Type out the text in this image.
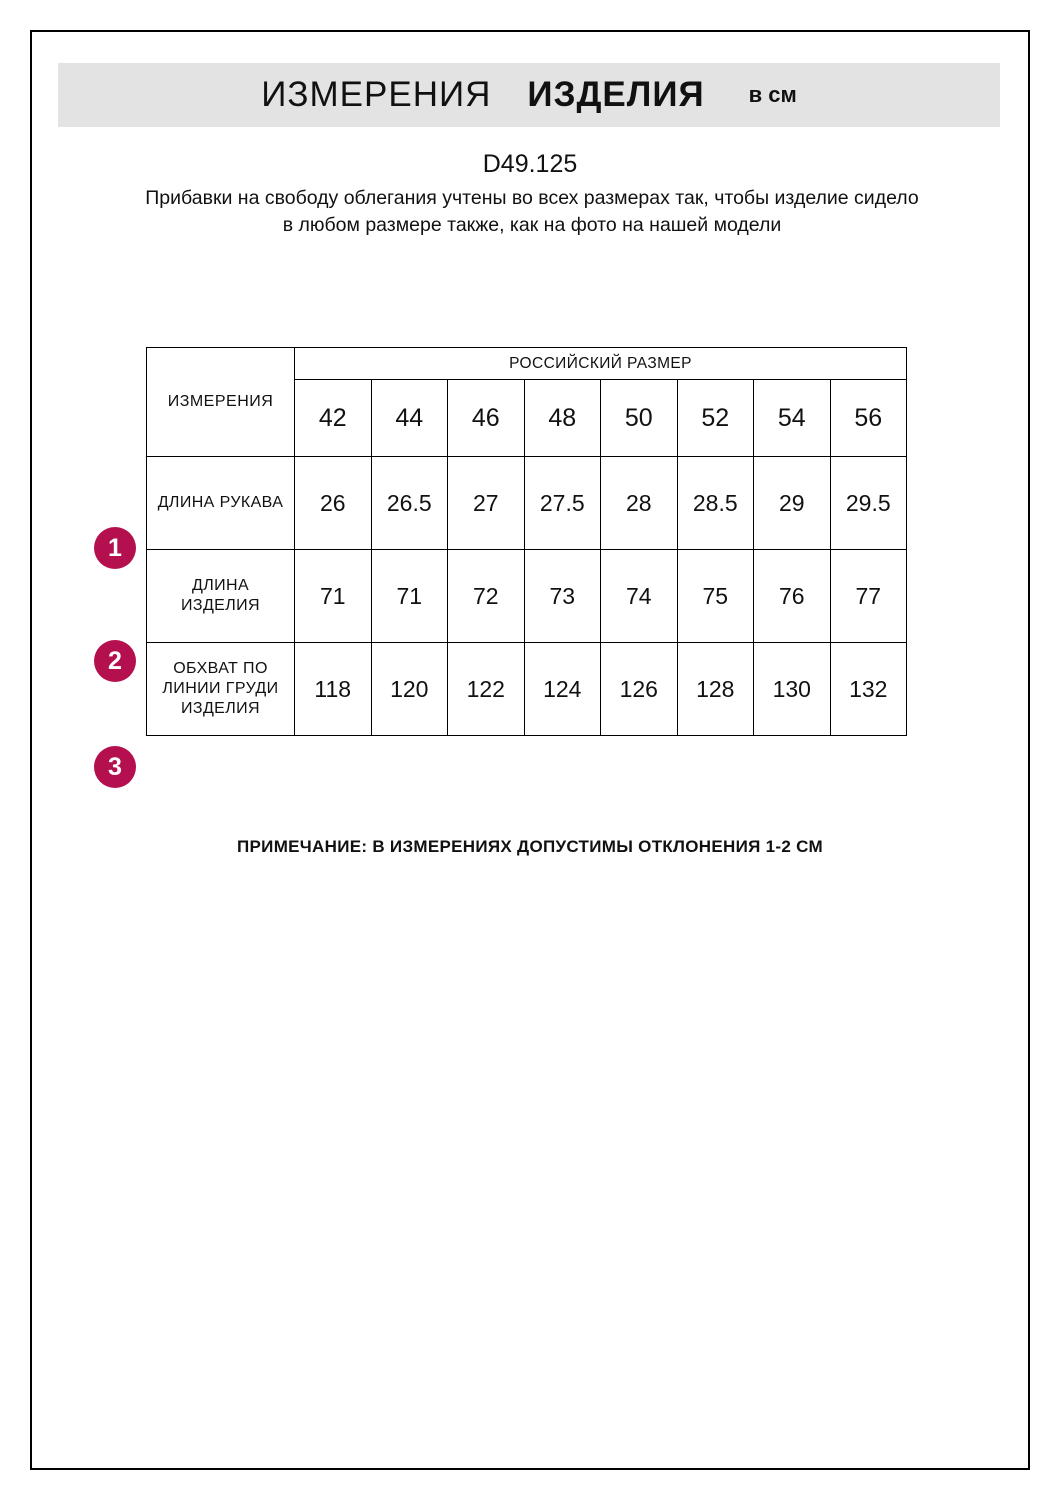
ИЗМЕРЕНИЯ ИЗДЕЛИЯ в см
D49.125
Прибавки на свободу облегания учтены во всех размерах так, чтобы изделие сидело в любом размере также, как на фото на нашей модели
1
2
3
ИЗМЕРЕНИЯ	РОССИЙСКИЙ РАЗМЕР							
	42	44	46	48	50	52	54	56
ДЛИНА РУКАВА	26	26.5	27	27.5	28	28.5	29	29.5
ДЛИНА ИЗДЕЛИЯ	71	71	72	73	74	75	76	77
ОБХВАТ ПО ЛИНИИ ГРУДИ ИЗДЕЛИЯ	118	120	122	124	126	128	130	132
ПРИМЕЧАНИЕ: В ИЗМЕРЕНИЯХ ДОПУСТИМЫ ОТКЛОНЕНИЯ 1-2 СМ
